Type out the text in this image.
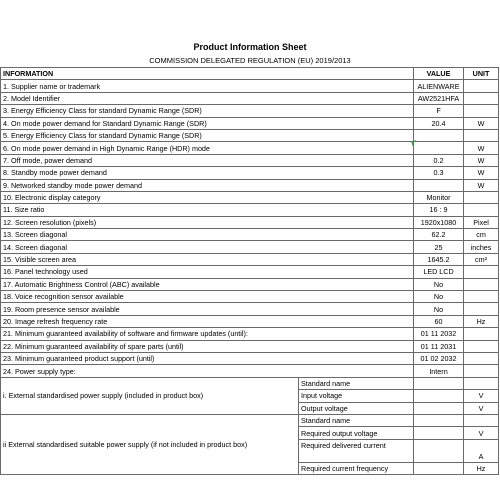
Product Information Sheet
COMMISSION DELEGATED REGULATION (EU) 2019/2013
INFORMATION		VALUE	UNIT
1. Supplier name or trademark		ALIENWARE	
2. Model Identifier		AW2521HFA	
3. Energy Efficiency Class for standard Dynamic Range (SDR)		F	
4. On mode power demand for Standard Dynamic Range (SDR)		20.4	W
5. Energy Efficiency Class for standard Dynamic Range (SDR)			
6. On mode power demand in High Dynamic Range (HDR) mode			W
7. Off mode, power demand		0.2	W
8. Standby mode power demand		0.3	W
9. Networked standby mode power demand			W
10. Electronic display category		Monitor	
11. Size ratio		16 : 9	
12. Screen resolution (pixels)		1920x1080	Pixel
13. Screen diagonal		62.2	cm
14. Screen diagonal		25	inches
15. Visible screen area		1645.2	cm²
16. Panel technology used		LED LCD	
17. Automatic Brightness Control (ABC) available		No	
18. Voice recognition sensor available		No	
19. Room presence sensor available		No	
20. Image refresh frequency rate		60	Hz
21. Minimum guaranteed availability of software and firmware updates (until):		01 11 2032	
22. Minimum guaranteed availability of spare parts (until)		01 11 2031	
23. Minimum guaranteed product support (until)		01 02 2032	
24. Power supply type:		Intern	
i. External standardised power supply (included in product box)	Standard name		
	Input voltage		V
	Output voltage		V
ii External standardised suitable power supply (if not included in product box)	Standard name		
	Required output voltage		V
	Required delivered current		A
	Required current frequency		Hz
